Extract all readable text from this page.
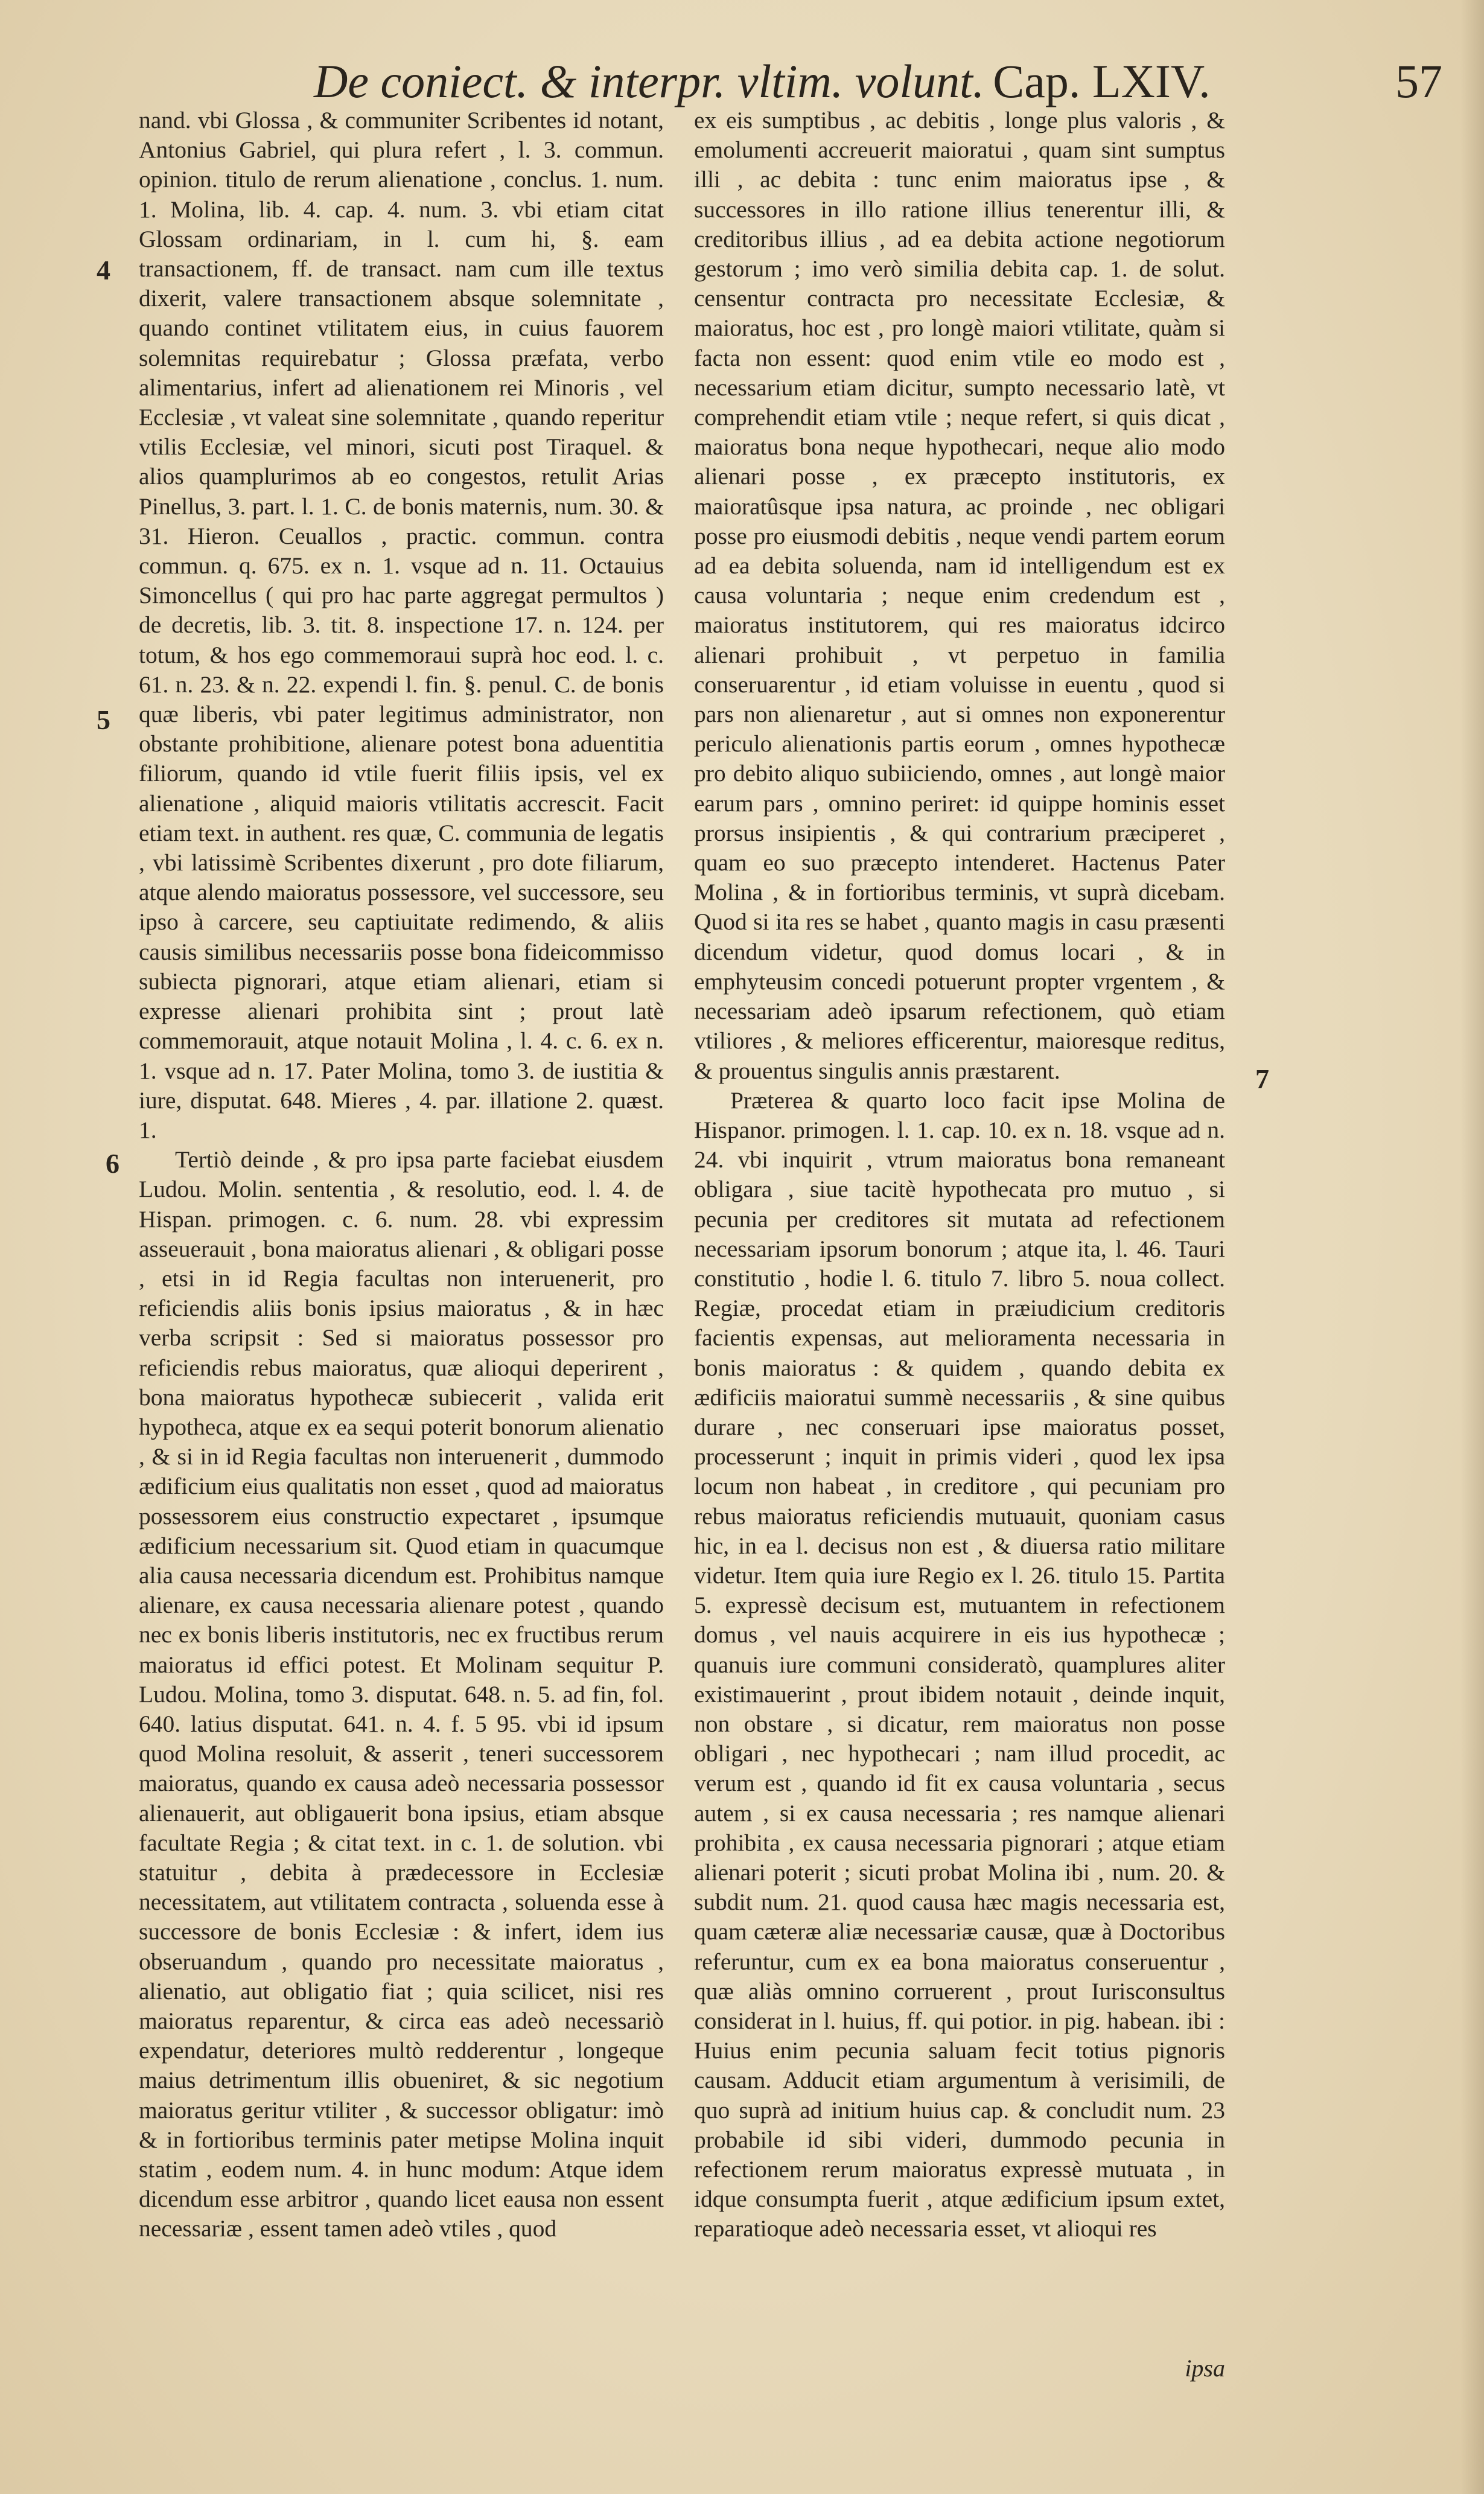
De coniect. & interpr. vltim. volunt. Cap. LXIV.	57
4
5
6
7

nand. vbi Glossa , & communiter Scribentes id notant, Antonius Gabriel, qui plura refert , l. 3. commun. opinion. titulo de rerum alienatione , conclus. 1. num. 1. Molina, lib. 4. cap. 4. num. 3. vbi etiam citat Glossam ordinariam, in l. cum hi, §. eam transactionem, ff. de transact. nam cum ille textus dixerit, valere transactionem absque solemnitate , quando continet vtilitatem eius, in cuius fauorem solemnitas requirebatur ; Glossa præfata, verbo alimentarius, infert ad alienationem rei Minoris , vel Ecclesiæ , vt valeat sine solemnitate , quando reperitur vtilis Ecclesiæ, vel minori, sicuti post Tiraquel. & alios quamplurimos ab eo congestos, retulit Arias Pinellus, 3. part. l. 1. C. de bonis maternis, num. 30. & 31. Hieron. Ceuallos , practic. commun. contra commun. q. 675. ex n. 1. vsque ad n. 11. Octauius Simoncellus ( qui pro hac parte aggregat permultos ) de decretis, lib. 3. tit. 8. inspectione 17. n. 124. per totum, & hos ego commemoraui suprà hoc eod. l. c. 61. n. 23. & n. 22. expendi l. fin. §. penul. C. de bonis quæ liberis, vbi pater legitimus administrator, non obstante prohibitione, alienare potest bona aduentitia filiorum, quando id vtile fuerit filiis ipsis, vel ex alienatione , aliquid maioris vtilitatis accrescit. Facit etiam text. in authent. res quæ, C. communia de legatis , vbi latissimè Scribentes dixerunt , pro dote filiarum, atque alendo maioratus possessore, vel successore, seu ipso à carcere, seu captiuitate redimendo, & aliis causis similibus necessariis posse bona fideicommisso subiecta pignorari, atque etiam alienari, etiam si expresse alienari prohibita sint ; prout latè commemorauit, atque notauit Molina , l. 4. c. 6. ex n. 1. vsque ad n. 17. Pater Molina, tomo 3. de iustitia & iure, disputat. 648. Mieres , 4. par. illatione 2. quæst. 1.

Tertiò deinde , & pro ipsa parte faciebat eiusdem Ludou. Molin. sententia , & resolutio, eod. l. 4. de Hispan. primogen. c. 6. num. 28. vbi expressim asseuerauit , bona maioratus alienari , & obligari posse , etsi in id Regia facultas non interuenerit, pro reficiendis aliis bonis ipsius maioratus , & in hæc verba scripsit : Sed si maioratus possessor pro reficiendis rebus maioratus, quæ alioqui deperirent , bona maioratus hypothecæ subiecerit , valida erit hypotheca, atque ex ea sequi poterit bonorum alienatio , & si in id Regia facultas non interuenerit , dummodo ædificium eius qualitatis non esset , quod ad maioratus possessorem eius constructio expectaret , ipsumque ædificium necessarium sit. Quod etiam in quacumque alia causa necessaria dicendum est. Prohibitus namque alienare, ex causa necessaria alienare potest , quando nec ex bonis liberis institutoris, nec ex fructibus rerum maioratus id effici potest. Et Molinam sequitur P. Ludou. Molina, tomo 3. disputat. 648. n. 5. ad fin, fol. 640. latius disputat. 641. n. 4. f. 5 95. vbi id ipsum quod Molina resoluit, & asserit , teneri successorem maioratus, quando ex causa adeò necessaria possessor alienauerit, aut obligauerit bona ipsius, etiam absque facultate Regia ; & citat text. in c. 1. de solution. vbi statuitur , debita à prædecessore in Ecclesiæ necessitatem, aut vtilitatem contracta , soluenda esse à successore de bonis Ecclesiæ : & infert, idem ius obseruandum , quando pro necessitate maioratus , alienatio, aut obligatio fiat ; quia scilicet, nisi res maioratus reparentur, & circa eas adeò necessariò expendatur, deteriores multò redderentur , longeque maius detrimentum illis obueniret, & sic negotium maioratus geritur vtiliter , & successor obligatur: imò & in fortioribus terminis pater metipse Molina inquit statim , eodem num. 4. in hunc modum: Atque idem dicendum esse arbitror , quando licet eausa non essent necessariæ , essent tamen adeò vtiles , quod

ex eis sumptibus , ac debitis , longe plus valoris , & emolumenti accreuerit maioratui , quam sint sumptus illi , ac debita : tunc enim maioratus ipse , & successores in illo ratione illius tenerentur illi, & creditoribus illius , ad ea debita actione negotiorum gestorum ; imo verò similia debita cap. 1. de solut. censentur contracta pro necessitate Ecclesiæ, & maioratus, hoc est , pro longè maiori vtilitate, quàm si facta non essent: quod enim vtile eo modo est , necessarium etiam dicitur, sumpto necessario latè, vt comprehendit etiam vtile ; neque refert, si quis dicat , maioratus bona neque hypothecari, neque alio modo alienari posse , ex præcepto institutoris, ex maioratûsque ipsa natura, ac proinde , nec obligari posse pro eiusmodi debitis , neque vendi partem eorum ad ea debita soluenda, nam id intelligendum est ex causa voluntaria ; neque enim credendum est , maioratus institutorem, qui res maioratus idcirco alienari prohibuit , vt perpetuo in familia conseruarentur , id etiam voluisse in euentu , quod si pars non alienaretur , aut si omnes non exponerentur periculo alienationis partis eorum , omnes hypothecæ pro debito aliquo subiiciendo, omnes , aut longè maior earum pars , omnino periret: id quippe hominis esset prorsus insipientis , & qui contrarium præciperet , quam eo suo præcepto intenderet. Hactenus Pater Molina , & in fortioribus terminis, vt suprà dicebam. Quod si ita res se habet , quanto magis in casu præsenti dicendum videtur, quod domus locari , & in emphyteusim concedi potuerunt propter vrgentem , & necessariam adeò ipsarum refectionem, quò etiam vtiliores , & meliores efficerentur, maioresque reditus, & prouentus singulis annis præstarent.

Præterea & quarto loco facit ipse Molina de Hispanor. primogen. l. 1. cap. 10. ex n. 18. vsque ad n. 24. vbi inquirit , vtrum maioratus bona remaneant obligara , siue tacitè hypothecata pro mutuo , si pecunia per creditores sit mutata ad refectionem necessariam ipsorum bonorum ; atque ita, l. 46. Tauri constitutio , hodie l. 6. titulo 7. libro 5. noua collect. Regiæ, procedat etiam in præiudicium creditoris facientis expensas, aut melioramenta necessaria in bonis maioratus : & quidem , quando debita ex ædificiis maioratui summè necessariis , & sine quibus durare , nec conseruari ipse maioratus posset, processerunt ; inquit in primis videri , quod lex ipsa locum non habeat , in creditore , qui pecuniam pro rebus maioratus reficiendis mutuauit, quoniam casus hic, in ea l. decisus non est , & diuersa ratio militare videtur. Item quia iure Regio ex l. 26. titulo 15. Partita 5. expressè decisum est, mutuantem in refectionem domus , vel nauis acquirere in eis ius hypothecæ ; quanuis iure communi consideratò, quamplures aliter existimauerint , prout ibidem notauit , deinde inquit, non obstare , si dicatur, rem maioratus non posse obligari , nec hypothecari ; nam illud procedit, ac verum est , quando id fit ex causa voluntaria , secus autem , si ex causa necessaria ; res namque alienari prohibita , ex causa necessaria pignorari ; atque etiam alienari poterit ; sicuti probat Molina ibi , num. 20. & subdit num. 21. quod causa hæc magis necessaria est, quam cæteræ aliæ necessariæ causæ, quæ à Doctoribus referuntur, cum ex ea bona maioratus conseruentur , quæ aliàs omnino corruerent , prout Iurisconsultus considerat in l. huius, ff. qui potior. in pig. habean. ibi : Huius enim pecunia saluam fecit totius pignoris causam. Adducit etiam argumentum à verisimili, de quo suprà ad initium huius cap. & concludit num. 23 probabile id sibi videri, dummodo pecunia in refectionem rerum maioratus expressè mutuata , in idque consumpta fuerit , atque ædificium ipsum extet, reparatioque adeò necessaria esset, vt alioqui res

ipsa
